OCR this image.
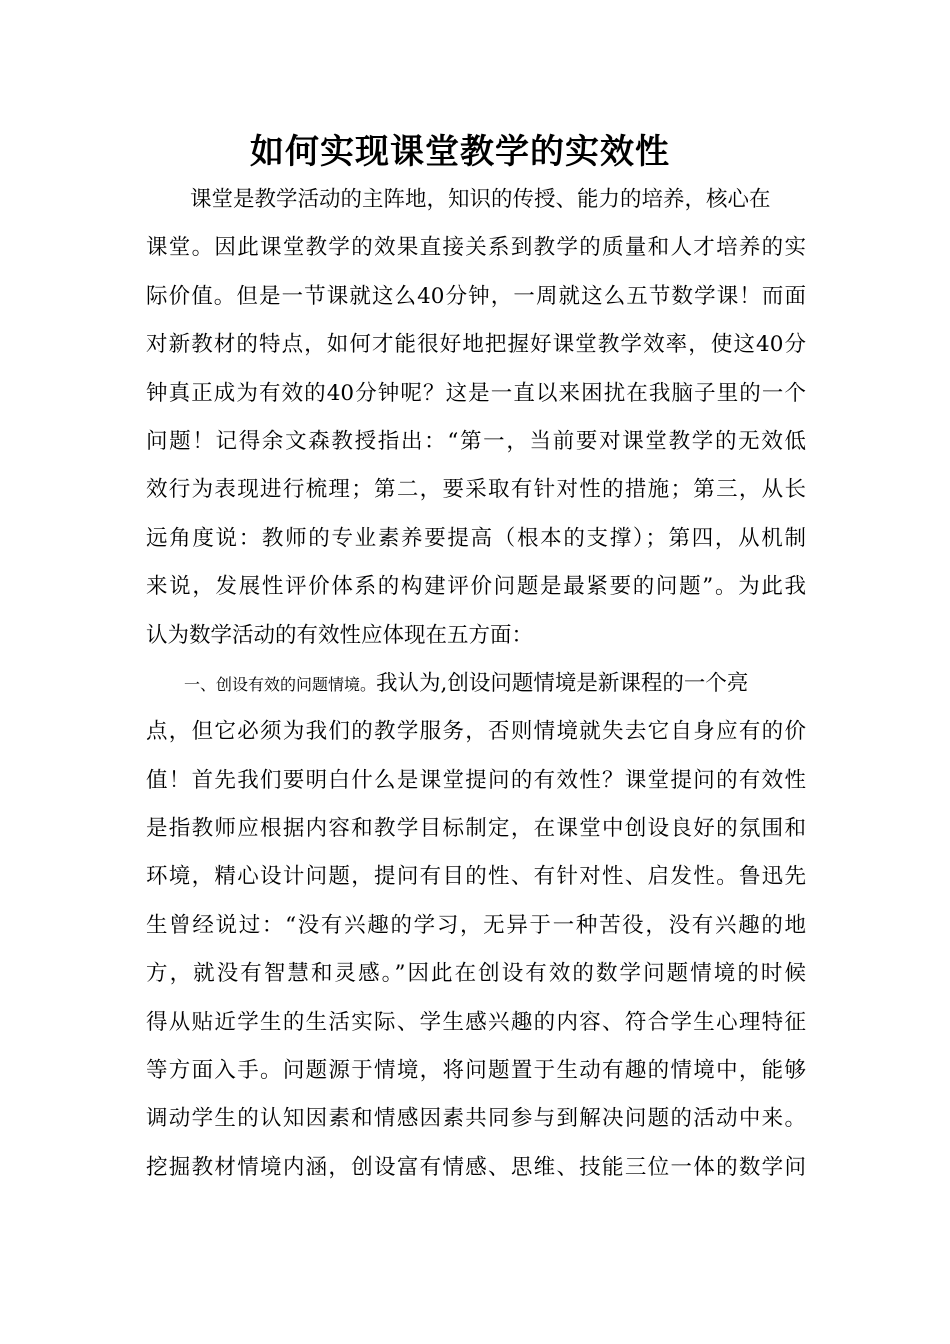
如何实现课堂教学的实效性
课堂是教学活动的主阵地，知识的传授、能力的培养，核心在
课堂。因此课堂教学的效果直接关系到教学的质量和人才培养的实
际价值。但是一节课就这么40分钟，一周就这么五节数学课！而面
对新教材的特点，如何才能很好地把握好课堂教学效率，使这40分
钟真正成为有效的40分钟呢？这是一直以来困扰在我脑子里的一个
问题！记得余文森教授指出：“第一，当前要对课堂教学的无效低
效行为表现进行梳理；第二，要采取有针对性的措施；第三，从长
远角度说：教师的专业素养要提高（根本的支撑）；第四，从机制
来说，发展性评价体系的构建评价问题是最紧要的问题”。为此我
认为数学活动的有效性应体现在五方面：
一、创设有效的问题情境。我认为,创设问题情境是新课程的一个亮
点，但它必须为我们的教学服务，否则情境就失去它自身应有的价
值！首先我们要明白什么是课堂提问的有效性？课堂提问的有效性
是指教师应根据内容和教学目标制定，在课堂中创设良好的氛围和
环境，精心设计问题，提问有目的性、有针对性、启发性。鲁迅先
生曾经说过：“没有兴趣的学习，无异于一种苦役，没有兴趣的地
方，就没有智慧和灵感。”因此在创设有效的数学问题情境的时候
得从贴近学生的生活实际、学生感兴趣的内容、符合学生心理特征
等方面入手。问题源于情境，将问题置于生动有趣的情境中，能够
调动学生的认知因素和情感因素共同参与到解决问题的活动中来。
挖掘教材情境内涵，创设富有情感、思维、技能三位一体的数学问
